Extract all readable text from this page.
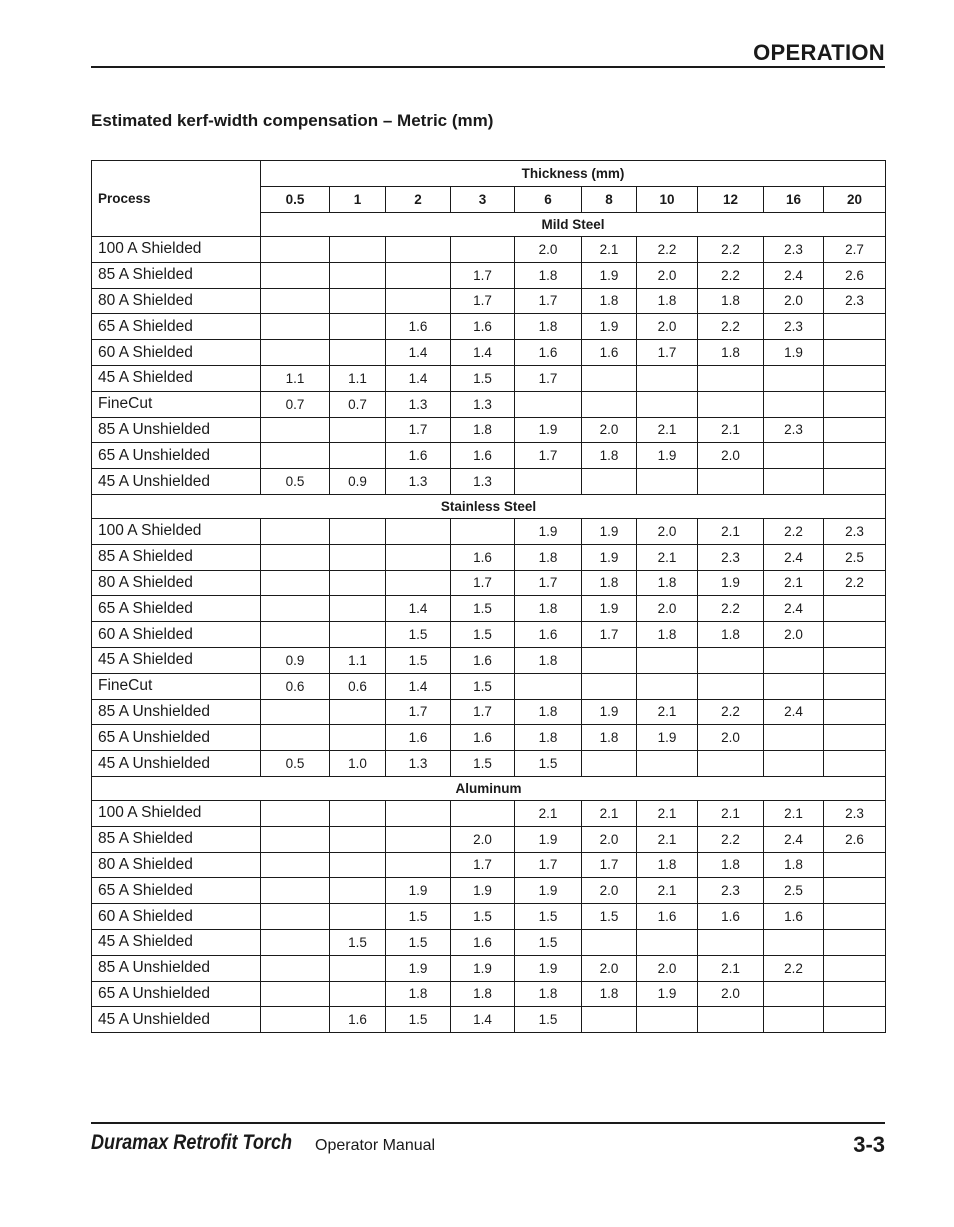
OPERATION
Estimated kerf-width compensation – Metric (mm)
Process	Thickness (mm)									
	0.5	1	2	3	6	8	10	12	16	20
	Mild Steel									
100 A Shielded					2.0	2.1	2.2	2.2	2.3	2.7
85 A Shielded				1.7	1.8	1.9	2.0	2.2	2.4	2.6
80 A Shielded				1.7	1.7	1.8	1.8	1.8	2.0	2.3
65 A Shielded			1.6	1.6	1.8	1.9	2.0	2.2	2.3	
60 A Shielded			1.4	1.4	1.6	1.6	1.7	1.8	1.9	
45 A Shielded	1.1	1.1	1.4	1.5	1.7					
FineCut	0.7	0.7	1.3	1.3						
85 A Unshielded			1.7	1.8	1.9	2.0	2.1	2.1	2.3	
65 A Unshielded			1.6	1.6	1.7	1.8	1.9	2.0		
45 A Unshielded	0.5	0.9	1.3	1.3						
Stainless Steel										
100 A Shielded					1.9	1.9	2.0	2.1	2.2	2.3
85 A Shielded				1.6	1.8	1.9	2.1	2.3	2.4	2.5
80 A Shielded				1.7	1.7	1.8	1.8	1.9	2.1	2.2
65 A Shielded			1.4	1.5	1.8	1.9	2.0	2.2	2.4	
60 A Shielded			1.5	1.5	1.6	1.7	1.8	1.8	2.0	
45 A Shielded	0.9	1.1	1.5	1.6	1.8					
FineCut	0.6	0.6	1.4	1.5						
85 A Unshielded			1.7	1.7	1.8	1.9	2.1	2.2	2.4	
65 A Unshielded			1.6	1.6	1.8	1.8	1.9	2.0		
45 A Unshielded	0.5	1.0	1.3	1.5	1.5					
Aluminum										
100 A Shielded					2.1	2.1	2.1	2.1	2.1	2.3
85 A Shielded				2.0	1.9	2.0	2.1	2.2	2.4	2.6
80 A Shielded				1.7	1.7	1.7	1.8	1.8	1.8	
65 A Shielded			1.9	1.9	1.9	2.0	2.1	2.3	2.5	
60 A Shielded			1.5	1.5	1.5	1.5	1.6	1.6	1.6	
45 A Shielded		1.5	1.5	1.6	1.5					
85 A Unshielded			1.9	1.9	1.9	2.0	2.0	2.1	2.2	
65 A Unshielded			1.8	1.8	1.8	1.8	1.9	2.0		
45 A Unshielded		1.6	1.5	1.4	1.5					
Duramax Retrofit Torch Operator Manual	3-3
